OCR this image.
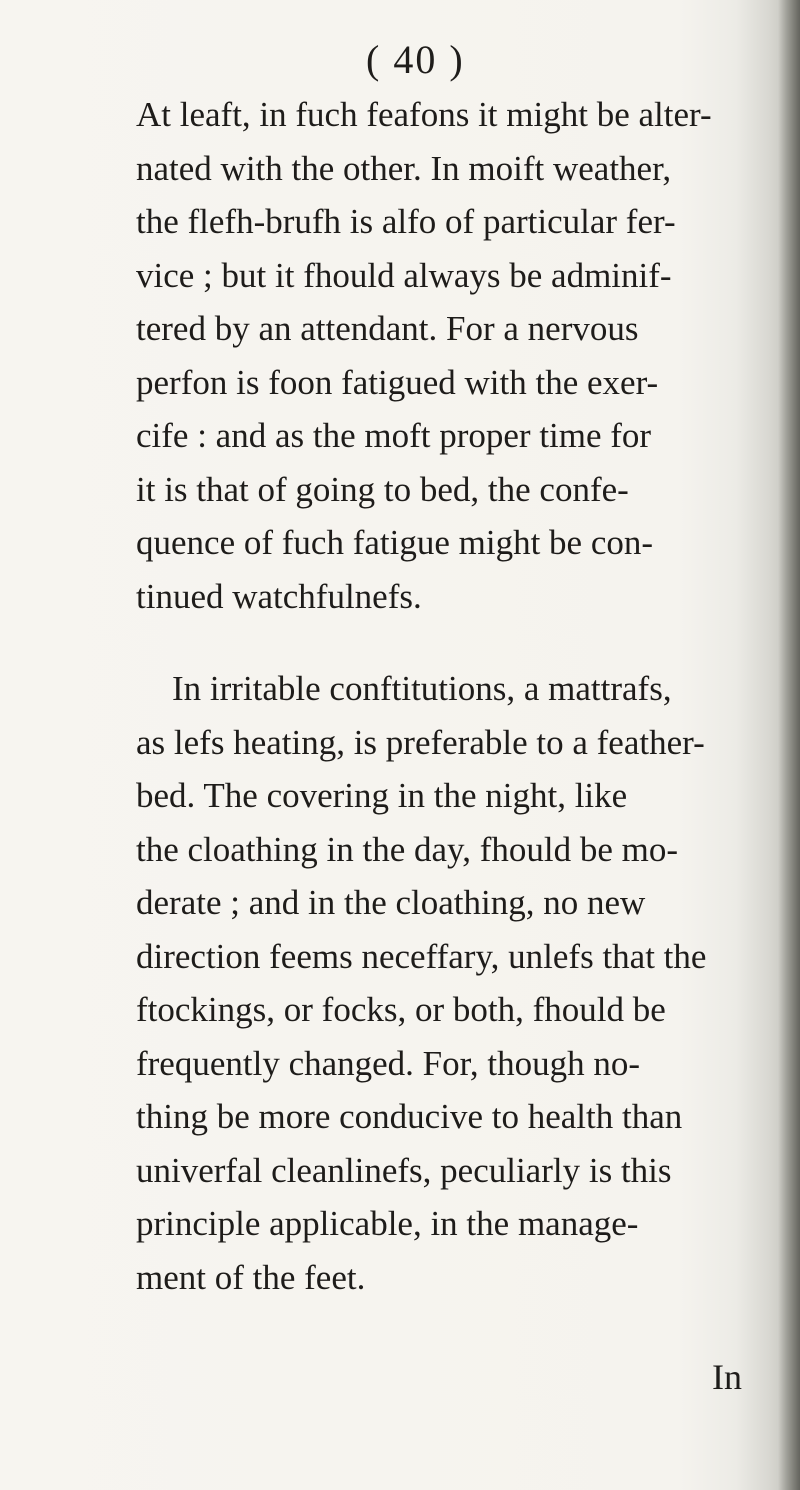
( 40 )
At leaft, in fuch feafons it might be alter-
nated with the other. In moift weather,
the flefh-brufh is alfo of particular fer-
vice ; but it fhould always be adminif-
tered by an attendant. For a nervous
perfon is foon fatigued with the exer-
cife : and as the moft proper time for
it is that of going to bed, the confe-
quence of fuch fatigue might be con-
tinued watchfulnefs.
In irritable conftitutions, a mattrafs,
as lefs heating, is preferable to a feather-
bed. The covering in the night, like
the cloathing in the day, fhould be mo-
derate ; and in the cloathing, no new
direction feems neceffary, unlefs that the
ftockings, or focks, or both, fhould be
frequently changed. For, though no-
thing be more conducive to health than
univerfal cleanlinefs, peculiarly is this
principle applicable, in the manage-
ment of the feet.
In
